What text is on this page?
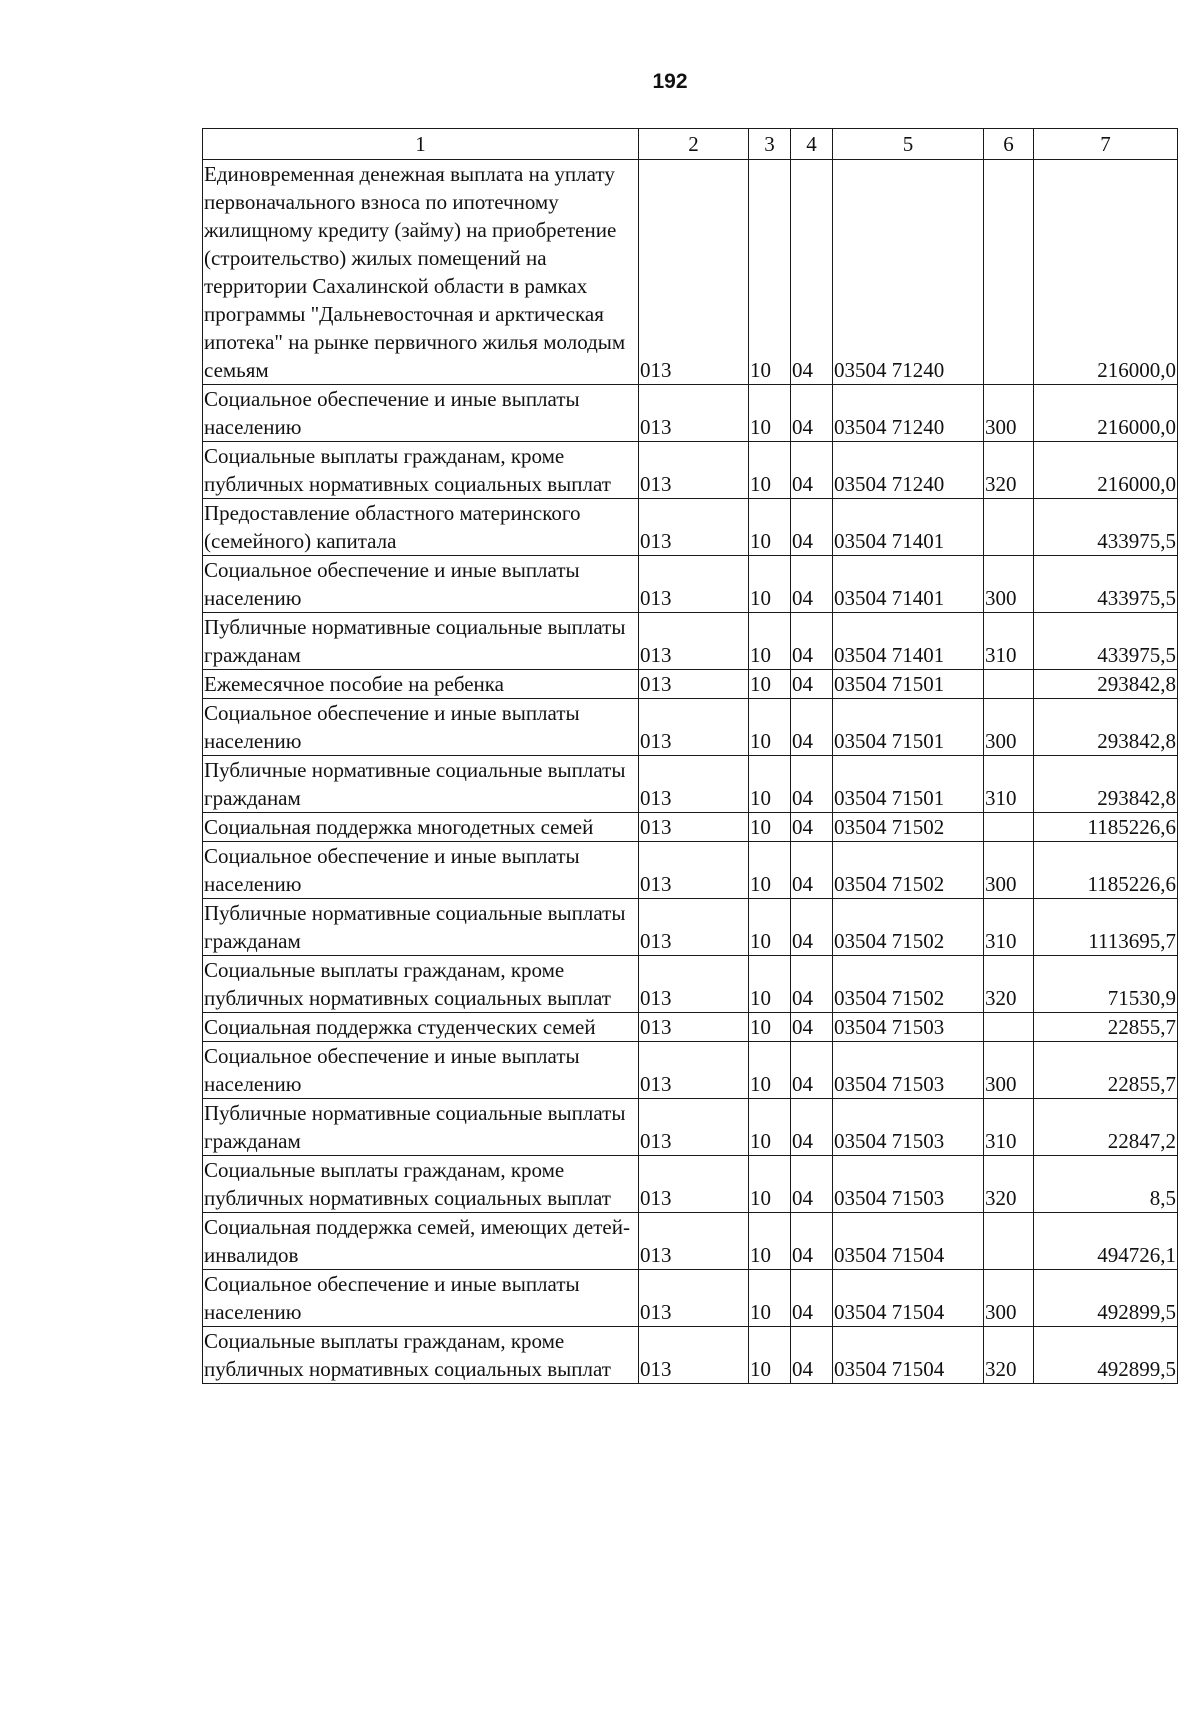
192
1	2	3	4	5	6	7
Единовременная денежная выплата на уплату первоначального взноса по ипотечному жилищному кредиту (займу) на приобретение (строительство) жилых помещений на территории Сахалинской области в рамках программы "Дальневосточная и арктическая ипотека" на рынке первичного жилья молодым семьям	013	10	04	03504 71240		216000,0
Социальное обеспечение и иные выплаты населению	013	10	04	03504 71240	300	216000,0
Социальные выплаты гражданам, кроме публичных нормативных социальных выплат	013	10	04	03504 71240	320	216000,0
Предоставление областного материнского (семейного) капитала	013	10	04	03504 71401		433975,5
Социальное обеспечение и иные выплаты населению	013	10	04	03504 71401	300	433975,5
Публичные нормативные социальные выплаты гражданам	013	10	04	03504 71401	310	433975,5
Ежемесячное пособие на ребенка	013	10	04	03504 71501		293842,8
Социальное обеспечение и иные выплаты населению	013	10	04	03504 71501	300	293842,8
Публичные нормативные социальные выплаты гражданам	013	10	04	03504 71501	310	293842,8
Социальная поддержка многодетных семей	013	10	04	03504 71502		1185226,6
Социальное обеспечение и иные выплаты населению	013	10	04	03504 71502	300	1185226,6
Публичные нормативные социальные выплаты гражданам	013	10	04	03504 71502	310	1113695,7
Социальные выплаты гражданам, кроме публичных нормативных социальных выплат	013	10	04	03504 71502	320	71530,9
Социальная поддержка студенческих семей	013	10	04	03504 71503		22855,7
Социальное обеспечение и иные выплаты населению	013	10	04	03504 71503	300	22855,7
Публичные нормативные социальные выплаты гражданам	013	10	04	03504 71503	310	22847,2
Социальные выплаты гражданам, кроме публичных нормативных социальных выплат	013	10	04	03504 71503	320	8,5
Социальная поддержка семей, имеющих детей-инвалидов	013	10	04	03504 71504		494726,1
Социальное обеспечение и иные выплаты населению	013	10	04	03504 71504	300	492899,5
Социальные выплаты гражданам, кроме публичных нормативных социальных выплат	013	10	04	03504 71504	320	492899,5
